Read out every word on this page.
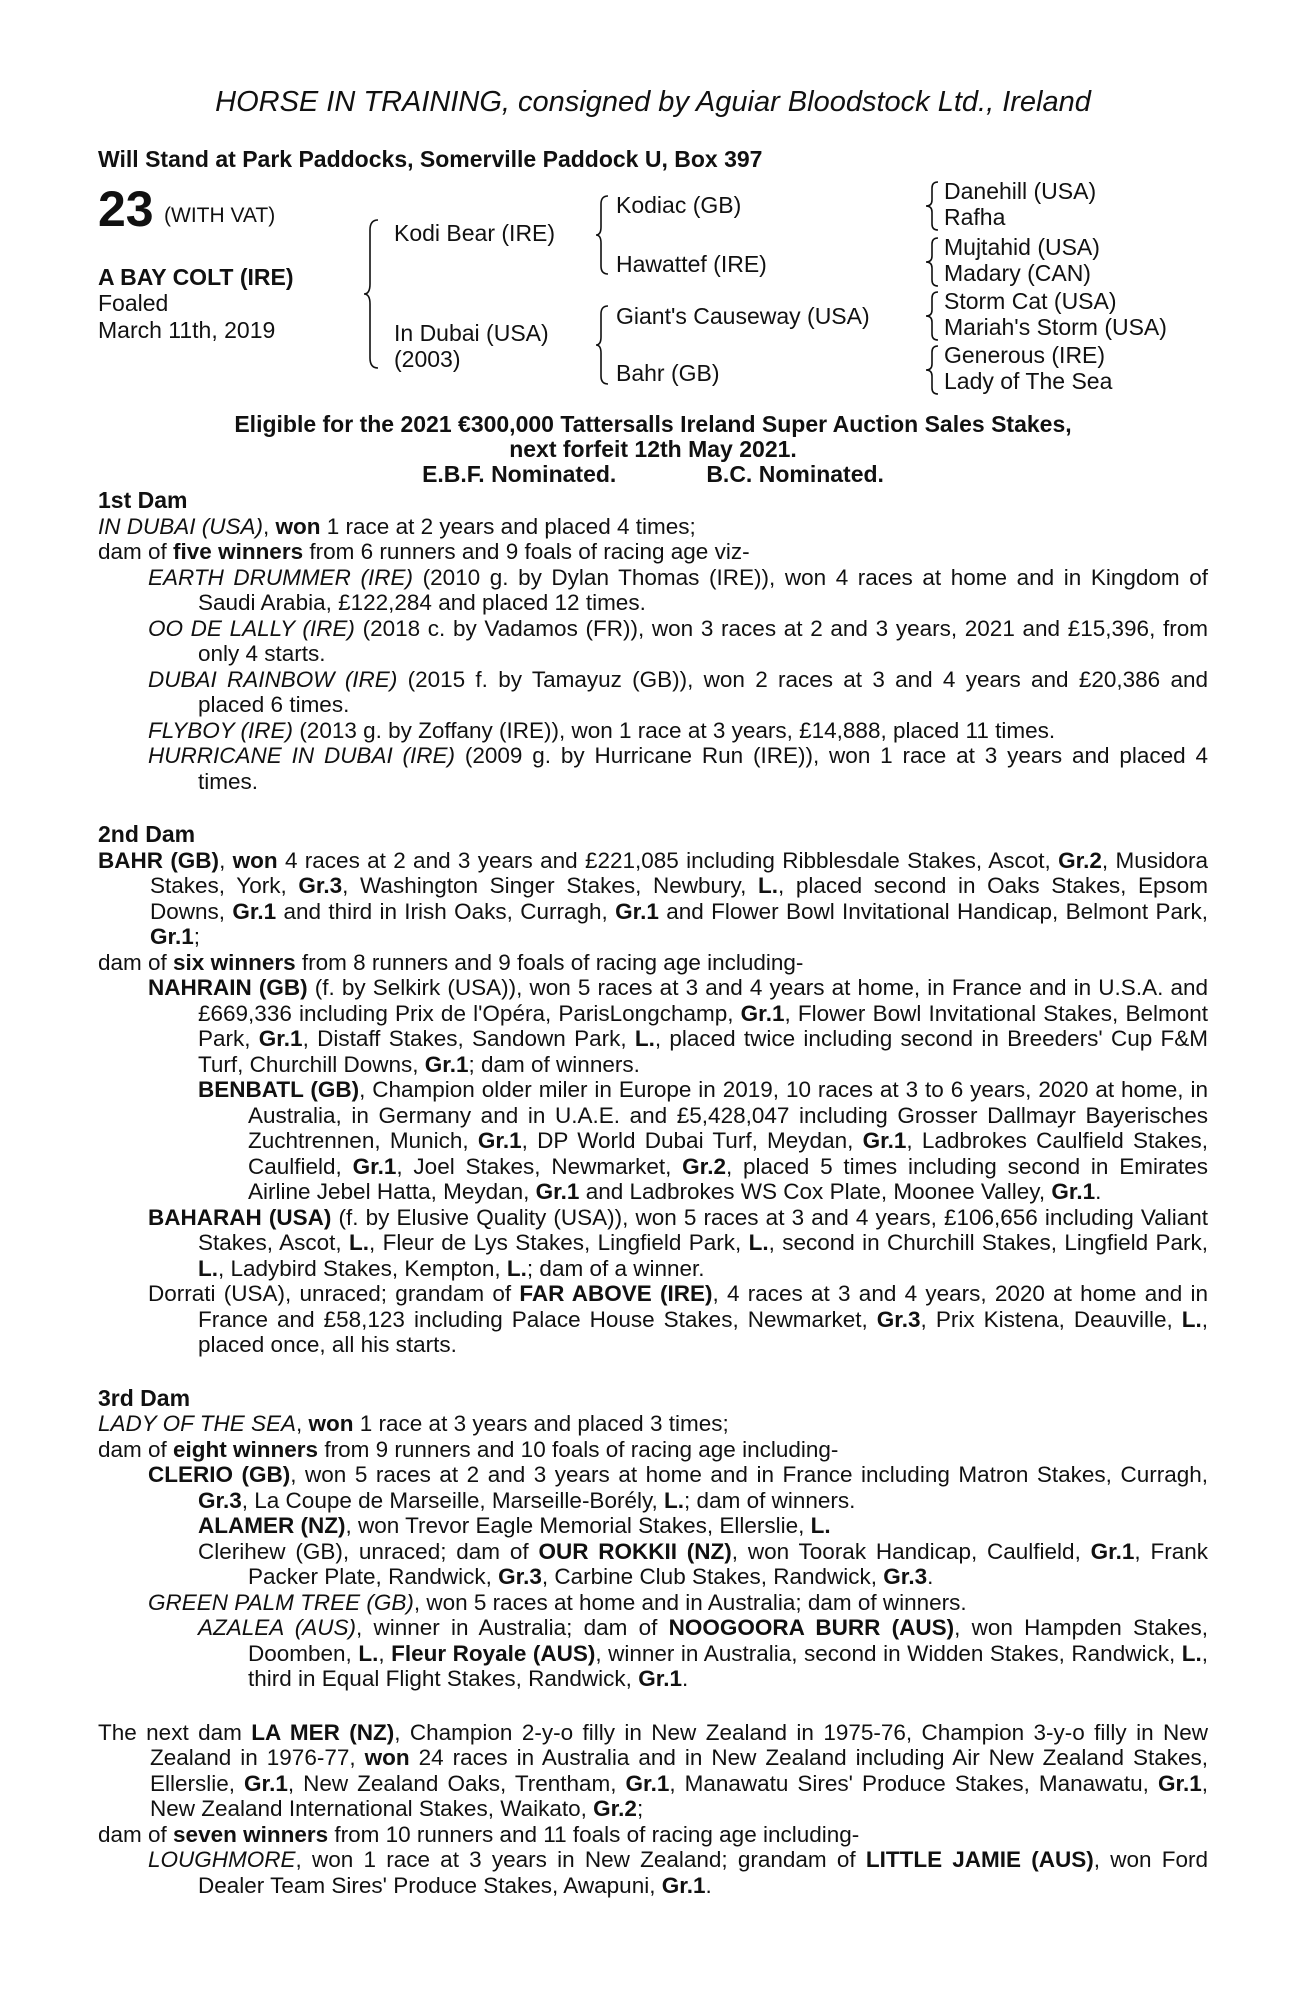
HORSE IN TRAINING, consigned by Aguiar Bloodstock Ltd., Ireland
Will Stand at Park Paddocks, Somerville Paddock U, Box 397
23 (WITH VAT)
A BAY COLT (IRE)
Foaled
March 11th, 2019
Kodi Bear (IRE)
In Dubai (USA)
(2003)
Kodiac (GB)
Hawattef (IRE)
Giant's Causeway (USA)
Bahr (GB)
Danehill (USA)
Rafha
Mujtahid (USA)
Madary (CAN)
Storm Cat (USA)
Mariah's Storm (USA)
Generous (IRE)
Lady of The Sea
Eligible for the 2021 €300,000 Tattersalls Ireland Super Auction Sales Stakes,
next forfeit 12th May 2021.
E.B.F. Nominated.	B.C. Nominated.
1st Dam

IN DUBAI (USA), won 1 race at 2 years and placed 4 times;

dam of five winners from 6 runners and 9 foals of racing age viz-

EARTH DRUMMER (IRE) (2010 g. by Dylan Thomas (IRE)), won 4 races at home and in Kingdom of Saudi Arabia, £122,284 and placed 12 times.

OO DE LALLY (IRE) (2018 c. by Vadamos (FR)), won 3 races at 2 and 3 years, 2021 and £15,396, from only 4 starts.

DUBAI RAINBOW (IRE) (2015 f. by Tamayuz (GB)), won 2 races at 3 and 4 years and £20,386 and placed 6 times.

FLYBOY (IRE) (2013 g. by Zoffany (IRE)), won 1 race at 3 years, £14,888, placed 11 times.

HURRICANE IN DUBAI (IRE) (2009 g. by Hurricane Run (IRE)), won 1 race at 3 years and placed 4 times.

2nd Dam

BAHR (GB), won 4 races at 2 and 3 years and £221,085 including Ribblesdale Stakes, Ascot, Gr.2, Musidora Stakes, York, Gr.3, Washington Singer Stakes, Newbury, L., placed second in Oaks Stakes, Epsom Downs, Gr.1 and third in Irish Oaks, Curragh, Gr.1 and Flower Bowl Invitational Handicap, Belmont Park, Gr.1;

dam of six winners from 8 runners and 9 foals of racing age including-

NAHRAIN (GB) (f. by Selkirk (USA)), won 5 races at 3 and 4 years at home, in France and in U.S.A. and £669,336 including Prix de l'Opéra, ParisLongchamp, Gr.1, Flower Bowl Invitational Stakes, Belmont Park, Gr.1, Distaff Stakes, Sandown Park, L., placed twice including second in Breeders' Cup F&M Turf, Churchill Downs, Gr.1; dam of winners.

BENBATL (GB), Champion older miler in Europe in 2019, 10 races at 3 to 6 years, 2020 at home, in Australia, in Germany and in U.A.E. and £5,428,047 including Grosser Dallmayr Bayerisches Zuchtrennen, Munich, Gr.1, DP World Dubai Turf, Meydan, Gr.1, Ladbrokes Caulfield Stakes, Caulfield, Gr.1, Joel Stakes, Newmarket, Gr.2, placed 5 times including second in Emirates Airline Jebel Hatta, Meydan, Gr.1 and Ladbrokes WS Cox Plate, Moonee Valley, Gr.1.

BAHARAH (USA) (f. by Elusive Quality (USA)), won 5 races at 3 and 4 years, £106,656 including Valiant Stakes, Ascot, L., Fleur de Lys Stakes, Lingfield Park, L., second in Churchill Stakes, Lingfield Park, L., Ladybird Stakes, Kempton, L.; dam of a winner.

Dorrati (USA), unraced; grandam of FAR ABOVE (IRE), 4 races at 3 and 4 years, 2020 at home and in France and £58,123 including Palace House Stakes, Newmarket, Gr.3, Prix Kistena, Deauville, L., placed once, all his starts.

3rd Dam

LADY OF THE SEA, won 1 race at 3 years and placed 3 times;

dam of eight winners from 9 runners and 10 foals of racing age including-

CLERIO (GB), won 5 races at 2 and 3 years at home and in France including Matron Stakes, Curragh, Gr.3, La Coupe de Marseille, Marseille-Borély, L.; dam of winners.

ALAMER (NZ), won Trevor Eagle Memorial Stakes, Ellerslie, L.

Clerihew (GB), unraced; dam of OUR ROKKII (NZ), won Toorak Handicap, Caulfield, Gr.1, Frank Packer Plate, Randwick, Gr.3, Carbine Club Stakes, Randwick, Gr.3.

GREEN PALM TREE (GB), won 5 races at home and in Australia; dam of winners.

AZALEA (AUS), winner in Australia; dam of NOOGOORA BURR (AUS), won Hampden Stakes, Doomben, L., Fleur Royale (AUS), winner in Australia, second in Widden Stakes, Randwick, L., third in Equal Flight Stakes, Randwick, Gr.1.

The next dam LA MER (NZ), Champion 2-y-o filly in New Zealand in 1975-76, Champion 3-y-o filly in New Zealand in 1976-77, won 24 races in Australia and in New Zealand including Air New Zealand Stakes, Ellerslie, Gr.1, New Zealand Oaks, Trentham, Gr.1, Manawatu Sires' Produce Stakes, Manawatu, Gr.1, New Zealand International Stakes, Waikato, Gr.2;

dam of seven winners from 10 runners and 11 foals of racing age including-

LOUGHMORE, won 1 race at 3 years in New Zealand; grandam of LITTLE JAMIE (AUS), won Ford Dealer Team Sires' Produce Stakes, Awapuni, Gr.1.
